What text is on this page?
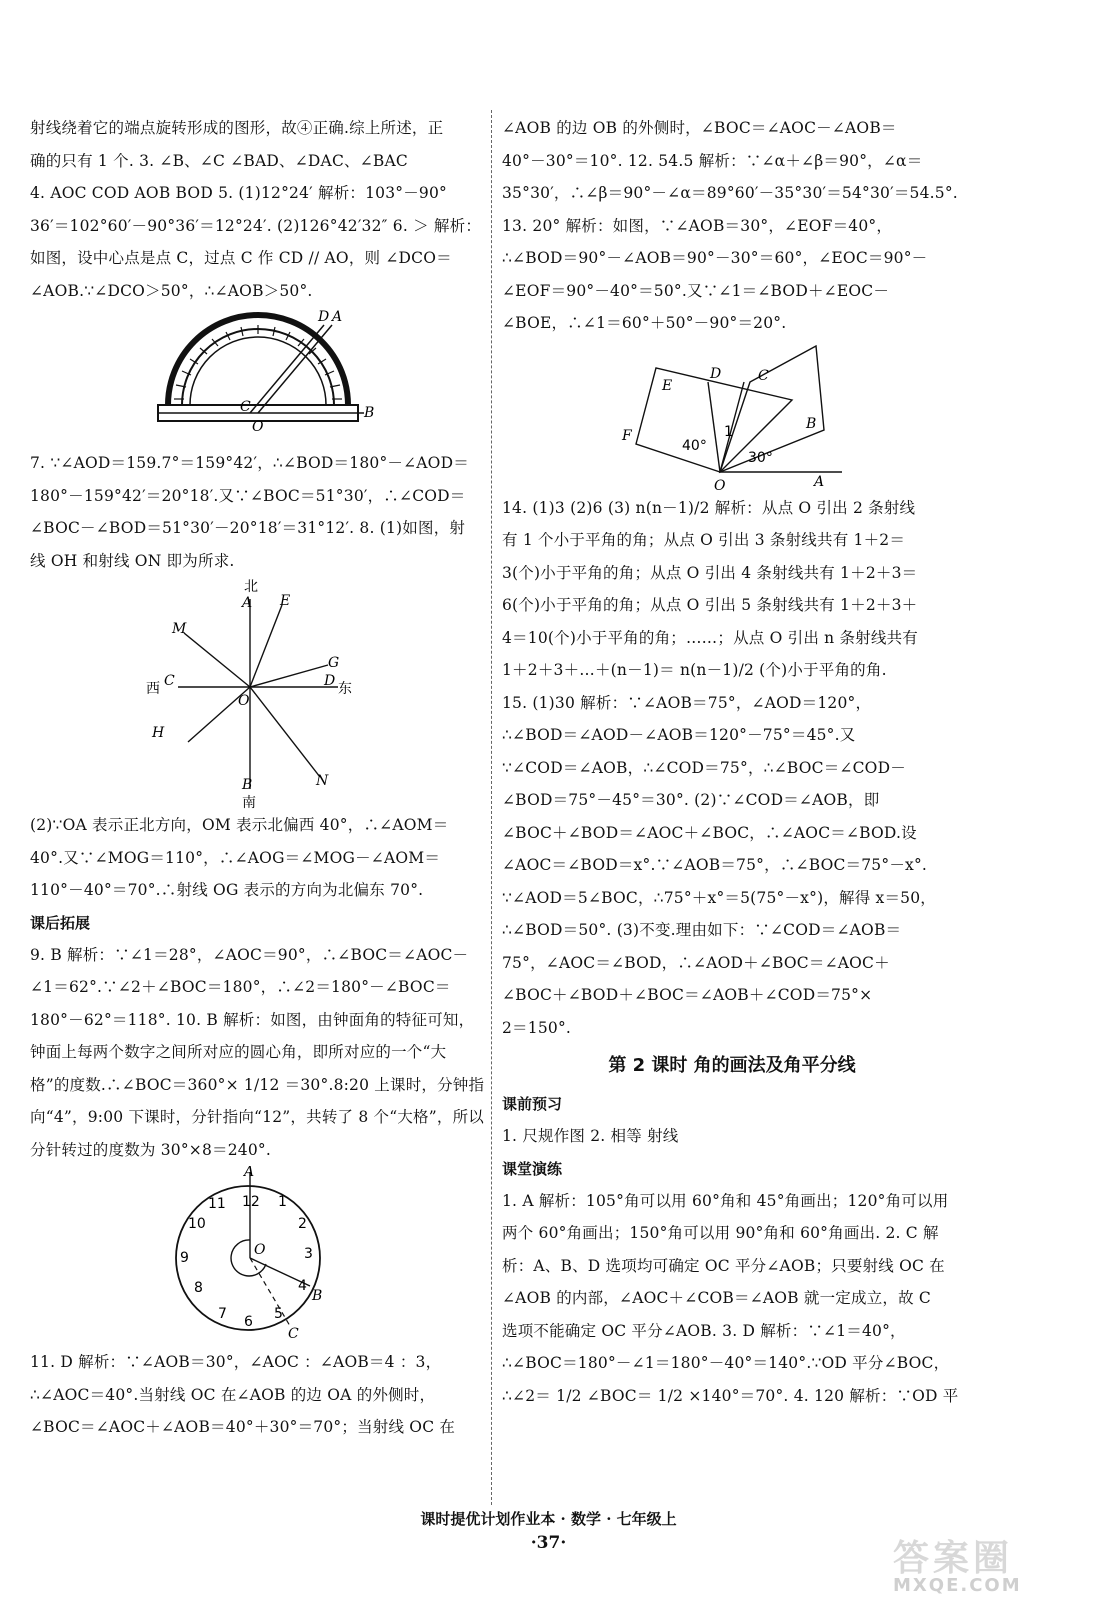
射线绕着它的端点旋转形成的图形，故④正确.综上所述，正
确的只有 1 个. 3. ∠B、∠C ∠BAD、∠DAC、∠BAC
4. AOC COD AOB BOD 5. (1)12°24′ 解析：103°－90°
36′＝102°60′－90°36′＝12°24′. (2)126°42′32″ 6. ＞ 解析：
如图，设中心点是点 C，过点 C 作 CD // AO，则 ∠DCO＝
∠AOB.∵∠DCO＞50°，∴∠AOB＞50°.
D A
C
O
B
7. ∵∠AOD＝159.7°＝159°42′，∴∠BOD＝180°－∠AOD＝
180°－159°42′＝20°18′.又∵∠BOC＝51°30′，∴∠COD＝
∠BOC－∠BOD＝51°30′－20°18′＝31°12′. 8. (1)如图，射
线 OH 和射线 ON 即为所求.
北
A E
M
G
D 东
西 C
O
H
B
南
N
(2)∵OA 表示正北方向，OM 表示北偏西 40°，∴∠AOM＝
40°.又∵∠MOG＝110°，∴∠AOG＝∠MOG－∠AOM＝
110°－40°＝70°.∴射线 OG 表示的方向为北偏东 70°.
课后拓展
9. B 解析：∵∠1＝28°，∠AOC＝90°，∴∠BOC＝∠AOC－
∠1＝62°.∵∠2＋∠BOC＝180°，∴∠2＝180°－∠BOC＝
180°－62°＝118°. 10. B 解析：如图，由钟面角的特征可知，
钟面上每两个数字之间所对应的圆心角，即所对应的一个“大
格”的度数.∴∠BOC＝360°× 1/12 ＝30°.8:20 上课时，分钟指
向“4”，9:00 下课时，分针指向“12”，共转了 8 个“大格”，所以
分针转过的度数为 30°×8＝240°.
A
12 1
11
2
10
O	3
9
4
8	B
7	5
6
C
11. D 解析：∵∠AOB＝30°，∠AOC ：∠AOB＝4 ：3，
∴∠AOC＝40°.当射线 OC 在∠AOB 的边 OA 的外侧时，
∠BOC＝∠AOC＋∠AOB＝40°＋30°＝70°；当射线 OC 在
∠AOB 的边 OB 的外侧时，∠BOC＝∠AOC－∠AOB＝
40°－30°＝10°. 12. 54.5 解析：∵∠α＋∠β＝90°，∠α＝
35°30′，∴∠β＝90°－∠α＝89°60′－35°30′＝54°30′＝54.5°.
13. 20° 解析：如图，∵∠AOB＝30°，∠EOF＝40°，
∴∠BOD＝90°－∠AOB＝90°－30°＝60°，∠EOC＝90°－
∠EOF＝90°－40°＝50°.又∵∠1＝∠BOD＋∠EOC－
∠BOE，∴∠1＝60°＋50°－90°＝20°.
E
D	C
B
F
40°
1
30°
O	A
14. (1)3 (2)6 (3) n(n－1)/2 解析：从点 O 引出 2 条射线
有 1 个小于平角的角；从点 O 引出 3 条射线共有 1＋2＝
3(个)小于平角的角；从点 O 引出 4 条射线共有 1＋2＋3＝
6(个)小于平角的角；从点 O 引出 5 条射线共有 1＋2＋3＋
4＝10(个)小于平角的角；……；从点 O 引出 n 条射线共有
1＋2＋3＋…＋(n－1)＝ n(n－1)/2 (个)小于平角的角.
15. (1)30 解析：∵∠AOB＝75°，∠AOD＝120°，
∴∠BOD＝∠AOD－∠AOB＝120°－75°＝45°.又
∵∠COD＝∠AOB，∴∠COD＝75°，∴∠BOC＝∠COD－
∠BOD＝75°－45°＝30°. (2)∵∠COD＝∠AOB，即
∠BOC＋∠BOD＝∠AOC＋∠BOC，∴∠AOC＝∠BOD.设
∠AOC＝∠BOD＝x°.∵∠AOB＝75°，∴∠BOC＝75°－x°.
∵∠AOD＝5∠BOC，∴75°＋x°＝5(75°－x°)，解得 x＝50，
∴∠BOD＝50°. (3)不变.理由如下：∵∠COD＝∠AOB＝
75°，∠AOC＝∠BOD，∴∠AOD＋∠BOC＝∠AOC＋
∠BOC＋∠BOD＋∠BOC＝∠AOB＋∠COD＝75°×
2＝150°.
第 2 课时 角的画法及角平分线
课前预习
1. 尺规作图 2. 相等 射线
课堂演练
1. A 解析：105°角可以用 60°角和 45°角画出；120°角可以用
两个 60°角画出；150°角可以用 90°角和 60°角画出. 2. C 解
析：A、B、D 选项均可确定 OC 平分∠AOB；只要射线 OC 在
∠AOB 的内部，∠AOC＋∠COB＝∠AOB 就一定成立，故 C
选项不能确定 OC 平分∠AOB. 3. D 解析：∵∠1＝40°，
∴∠BOC＝180°－∠1＝180°－40°＝140°.∵OD 平分∠BOC，
∴∠2＝ 1/2 ∠BOC＝ 1/2 ×140°＝70°. 4. 120 解析：∵OD 平
课时提优计划作业本 · 数学 · 七年级上
·37·	答案圈
MXQE.COM
